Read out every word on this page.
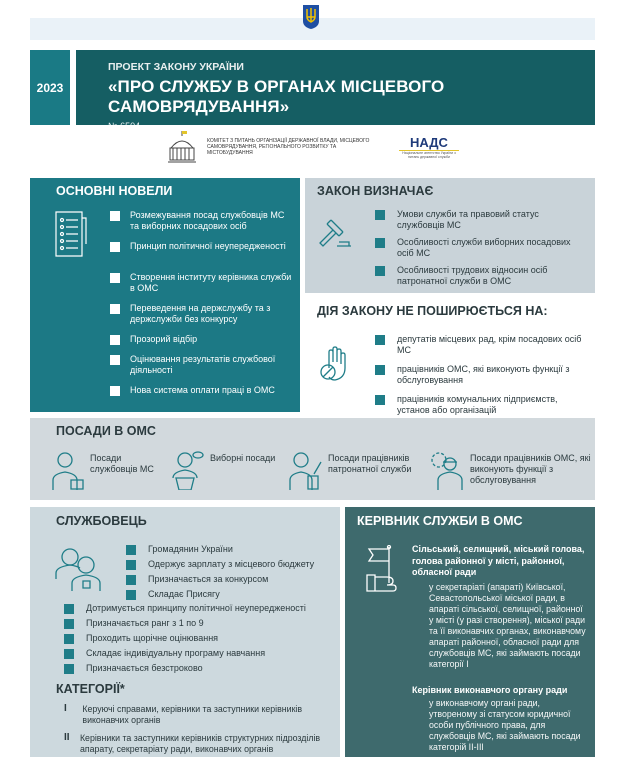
2023
ПРОЕКТ ЗАКОНУ УКРАЇНИ
«ПРО СЛУЖБУ В ОРГАНАХ МІСЦЕВОГО САМОВРЯДУВАННЯ»
№ 6504
КОМІТЕТ З ПИТАНЬ ОРГАНІЗАЦІЇ ДЕРЖАВНОЇ ВЛАДИ, МІСЦЕВОГО САМОВРЯДУВАННЯ, РЕГІОНАЛЬНОГО РОЗВИТКУ ТА МІСТОБУДУВАННЯ
НАДС
Національне агентство України з питань державної служби
ОСНОВНІ НОВЕЛИ
Розмежування посад службовців МС та виборних посадових осіб
Принцип політичної неупередженості
Створення інституту керівника служби в ОМС
Переведення на держслужбу та з держслужби без конкурсу
Прозорий відбір
Оцінювання результатів службової діяльності
Нова система оплати праці в ОМС
ЗАКОН ВИЗНАЧАЄ
Умови служби та правовий статус службовців МС
Особливості служби виборних посадових осіб МС
Особливості трудових відносин осіб патронатної служби в ОМС
ДІЯ ЗАКОНУ НЕ ПОШИРЮЄТЬСЯ НА:
депутатів місцевих рад, крім посадових осіб МС
працівників ОМС, які виконують функції з обслуговування
працівників комунальних підприємств, установ або організацій
ПОСАДИ В ОМС
Посади службовців МС
Виборні посади	Посади працівників патронатної служби
Посади працівників ОМС, які виконують функції з обслуговування
СЛУЖБОВЕЦЬ
Громадянин України
Одержує зарплату з місцевого бюджету
Призначається за конкурсом
Складає Присягу
Дотримується принципу політичної неупередженості
Призначається ранг з 1 по 9
Проходить щорічне оцінювання
Складає індивідуальну програму навчання
Призначається безстроково
КАТЕГОРІЇ*
I	Керуючі справами, керівники та заступники керівників виконавчих органів
II Керівники та заступники керівників структурних підрозділів апарату, секретаріату ради, виконавчих органів
КЕРІВНИК СЛУЖБИ В ОМС
Сільський, селищний, міський голова, голова районної у місті, районної, обласної ради
у секретаріаті (апараті) Київської, Севастопольської міської ради, в апараті сільської, селищної, районної у місті (у разі створення), міської ради та її виконавчих органах, виконавчому апараті районної, обласної ради для службовців МС, які займають посади категорії І
Керівник виконавчого органу ради
у виконавчому органі ради, утвореному зі статусом юридичної особи публічного права, для службовців МС, які займають посади категорій ІІ-ІІІ
